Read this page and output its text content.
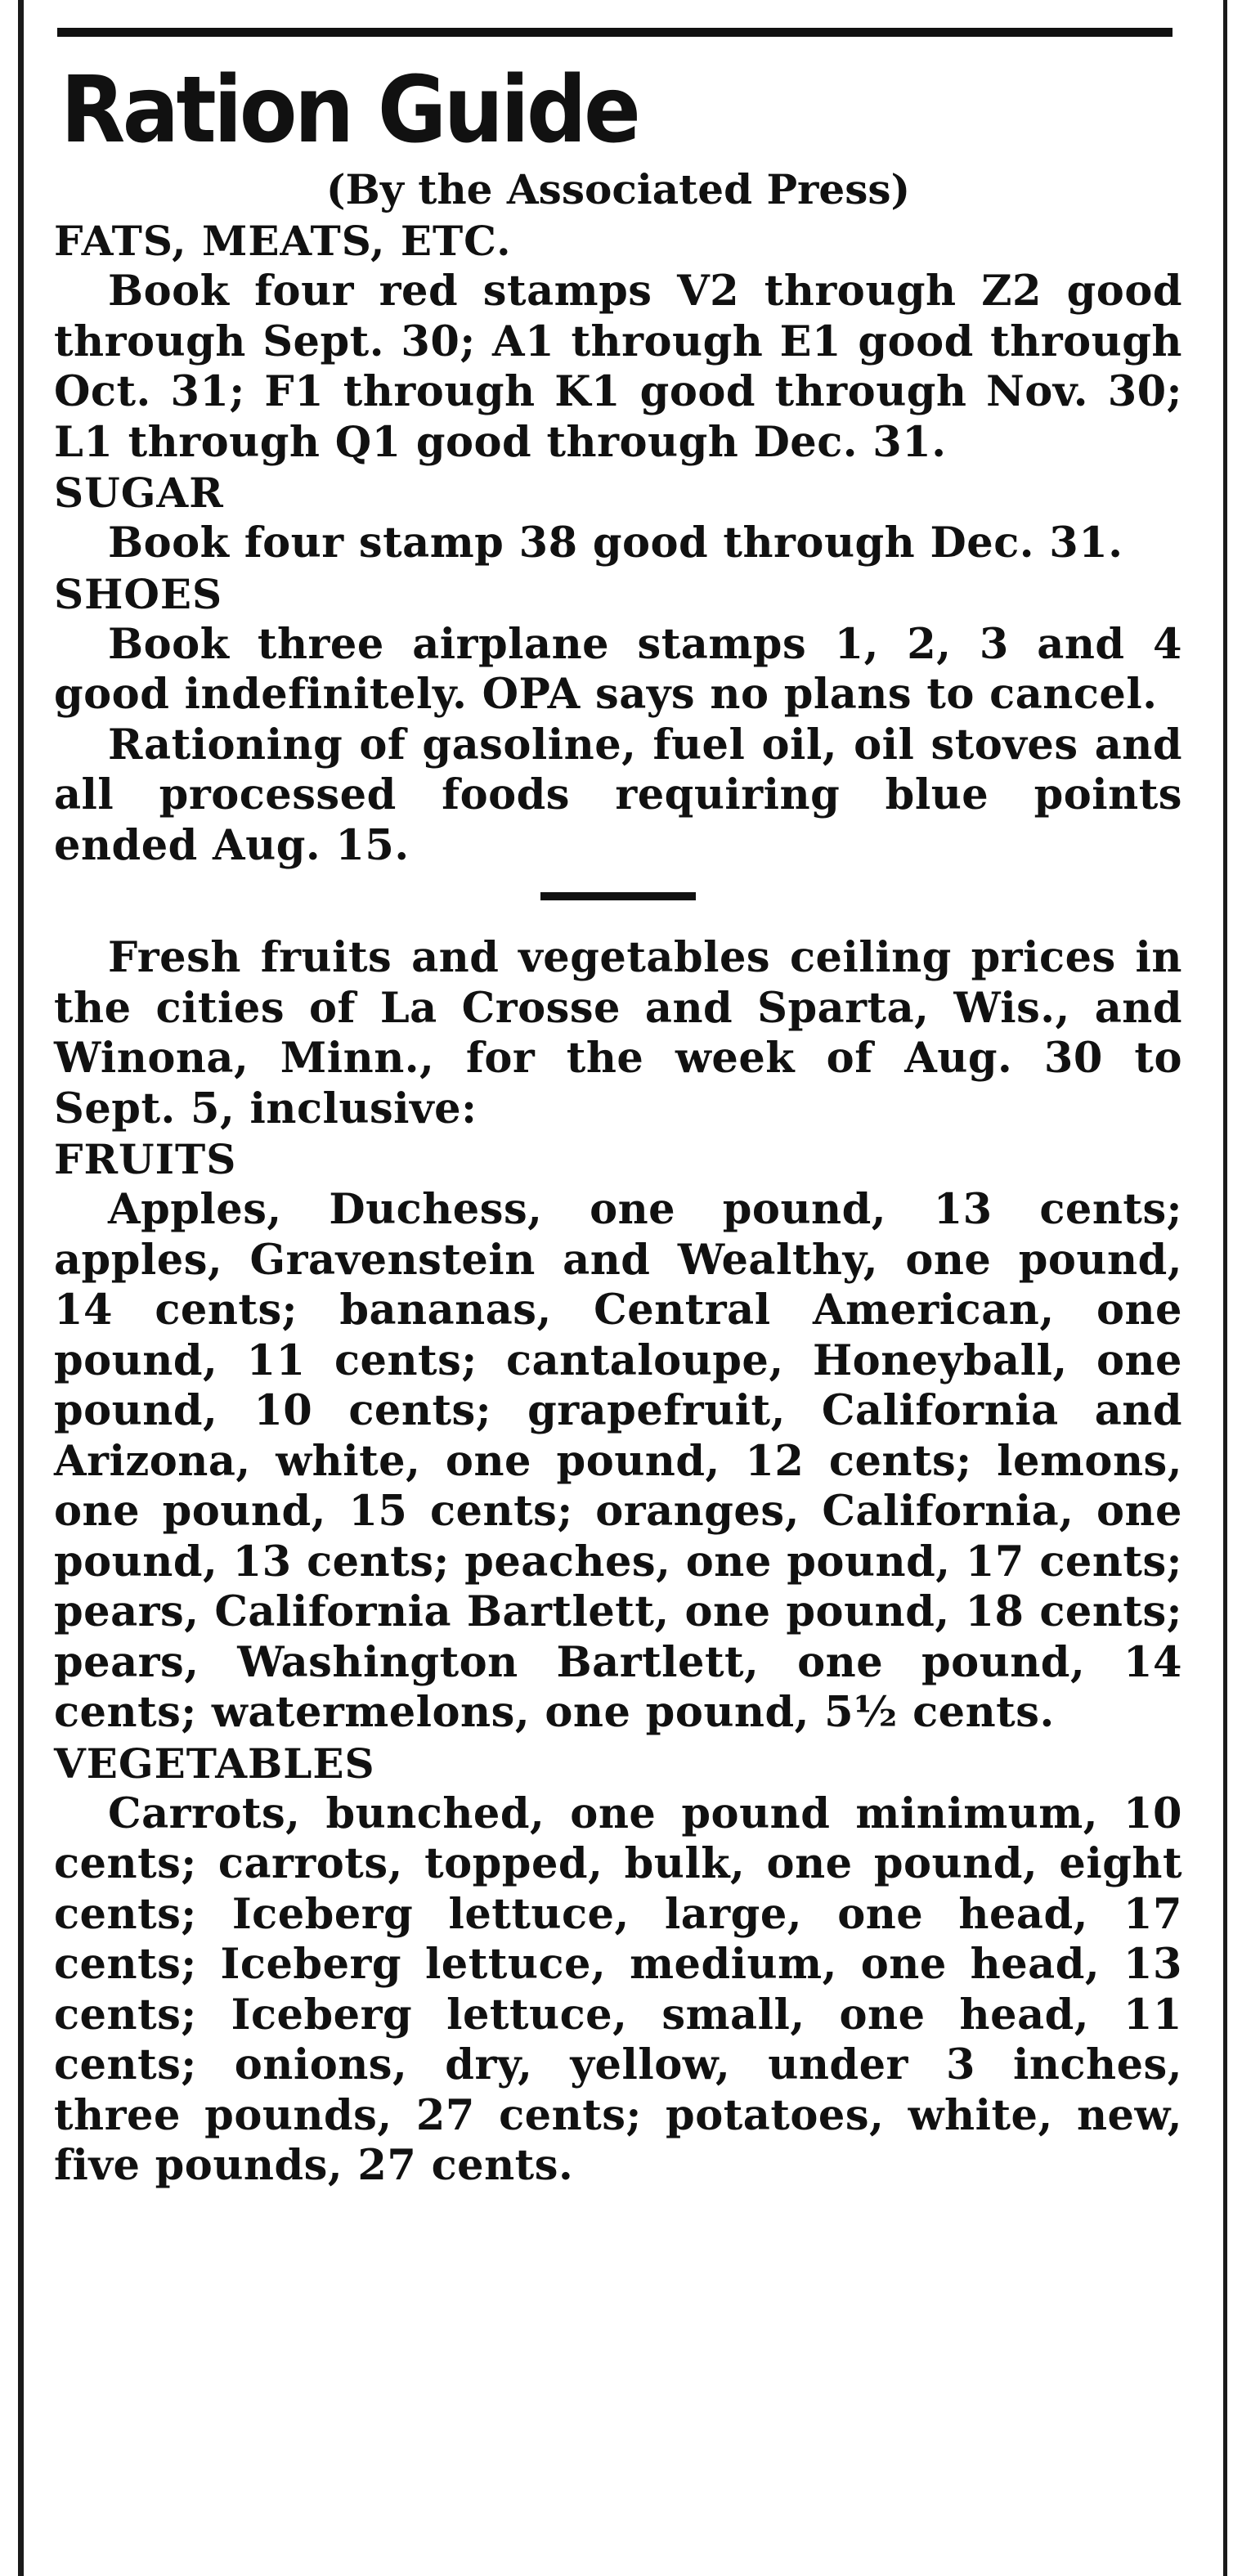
Ration Guide

(By the Associated Press)

FATS, MEATS, ETC.

Book four red stamps V2 through Z2 good through Sept. 30; A1 through E1 good through Oct. 31; F1 through K1 good through Nov. 30; L1 through Q1 good through Dec. 31.

SUGAR

Book four stamp 38 good through Dec. 31.

SHOES

Book three airplane stamps 1, 2, 3 and 4 good indefinitely. OPA says no plans to cancel.

Rationing of gasoline, fuel oil, oil stoves and all processed foods requiring blue points ended Aug. 15.

Fresh fruits and vegetables ceiling prices in the cities of La Crosse and Sparta, Wis., and Winona, Minn., for the week of Aug. 30 to Sept. 5, inclusive:

FRUITS

Apples, Duchess, one pound, 13 cents; apples, Gravenstein and Wealthy, one pound, 14 cents; bananas, Central American, one pound, 11 cents; cantaloupe, Honeyball, one pound, 10 cents; grapefruit, California and Arizona, white, one pound, 12 cents; lemons, one pound, 15 cents; oranges, California, one pound, 13 cents; peaches, one pound, 17 cents; pears, California Bartlett, one pound, 18 cents; pears, Washington Bartlett, one pound, 14 cents; watermelons, one pound, 5½ cents.

VEGETABLES

Carrots, bunched, one pound minimum, 10 cents; carrots, topped, bulk, one pound, eight cents; Iceberg lettuce, large, one head, 17 cents; Iceberg lettuce, medium, one head, 13 cents; Iceberg lettuce, small, one head, 11 cents; onions, dry, yellow, under 3 inches, three pounds, 27 cents; potatoes, white, new, five pounds, 27 cents.
